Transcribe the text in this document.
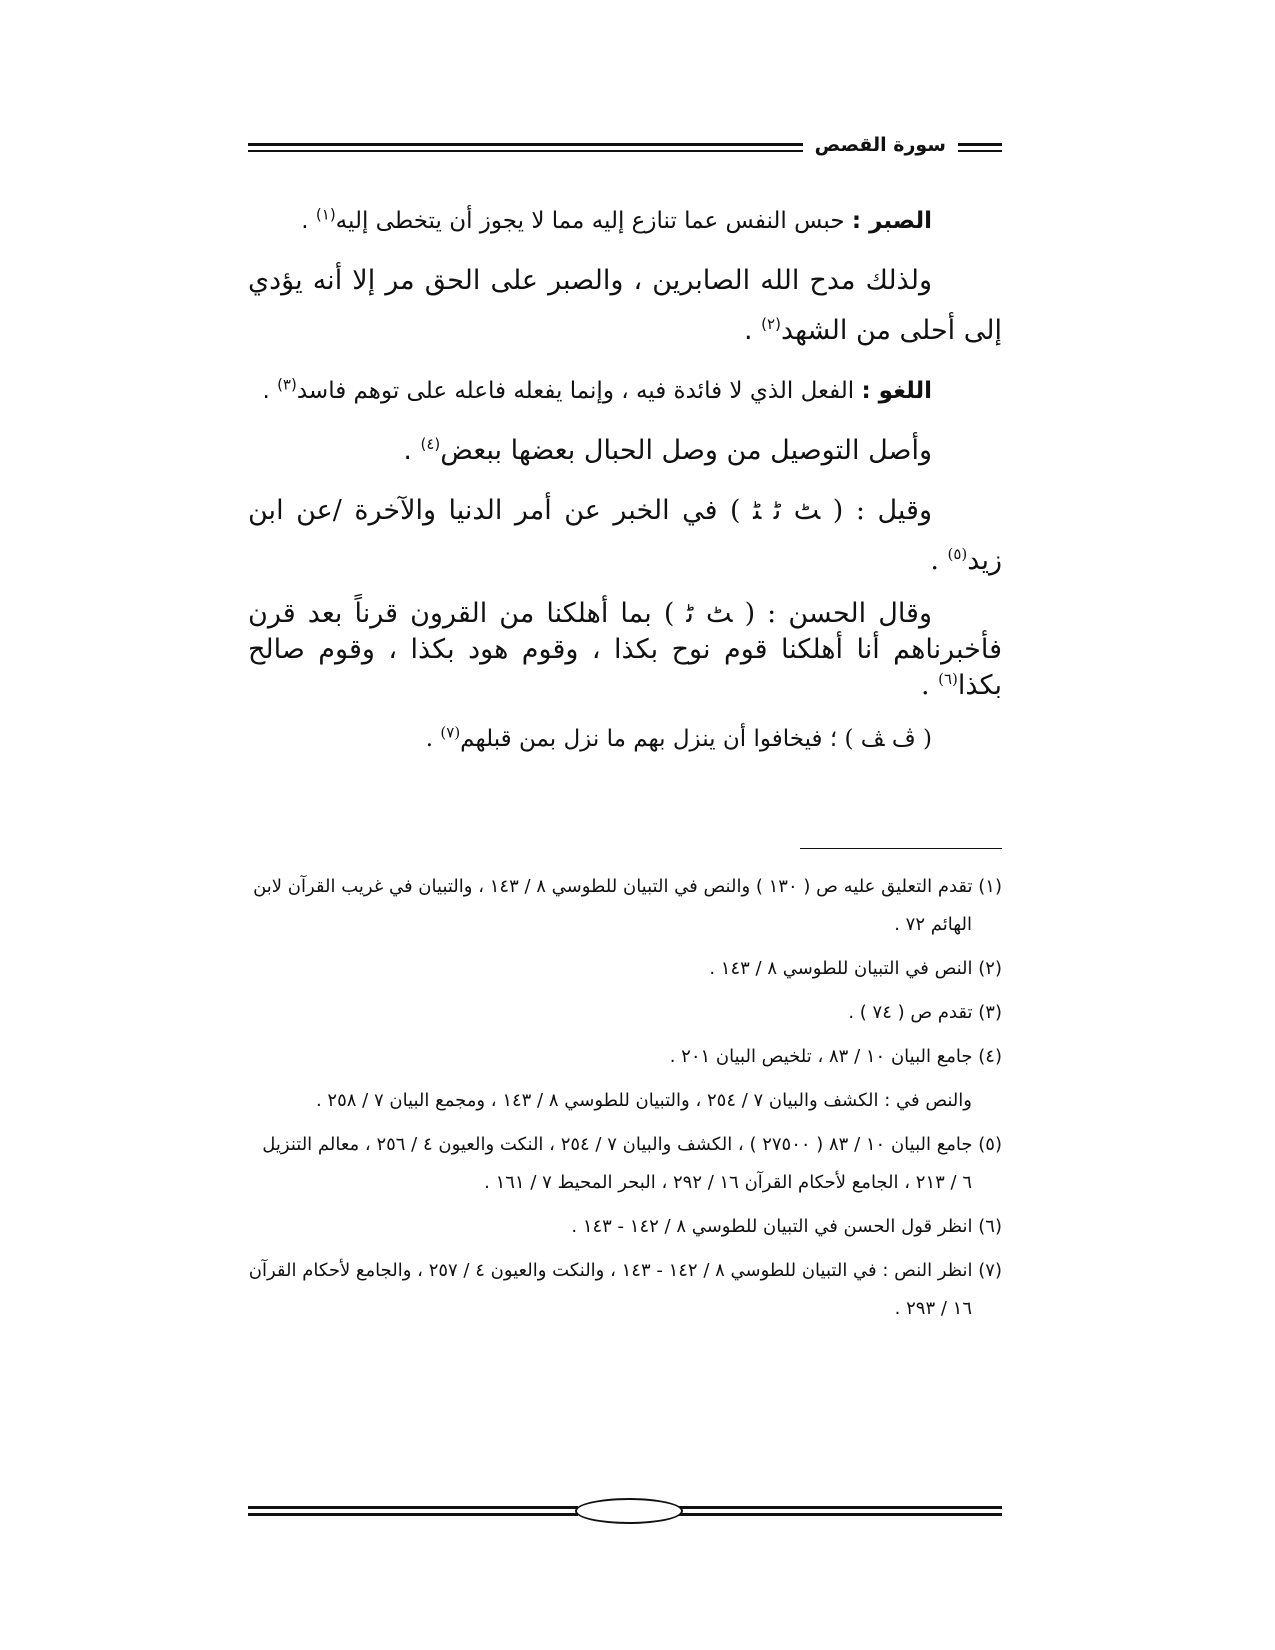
سورة القصص

الصبر : حبس النفس عما تنازع إليه مما لا يجوز أن يتخطى إليه$^{(١)}$ .

ولذلك مدح الله الصابرين ، والصبر على الحق مر إلا أنه يؤدي إلى أحلى من الشهد$^{(٢)}$ .

اللغو : الفعل الذي لا فائدة فيه ، وإنما يفعله فاعله على توهم فاسد$^{(٣)}$ .

وأصل التوصيل من وصل الحبال بعضها ببعض$^{(٤)}$ .

وقيل : ( ﭧ ﭨ ﭩ ) في الخبر عن أمر الدنيا والآخرة /عن ابن زيد$^{(٥)}$ .

وقال الحسن : ( ﭧ ﭨ ) بما أهلكنا من القرون قرناً بعد قرن فأخبرناهم أنا أهلكنا قوم نوح بكذا ، وقوم هود بكذا ، وقوم صالح بكذا$^{(٦)}$ .

( ﭪ ﭫ ) ؛ فيخافوا أن ينزل بهم ما نزل بمن قبلهم$^{(٧)}$ .

(١) تقدم التعليق عليه ص ( ١٣٠ ) والنص في التبيان للطوسي ٨ / ١٤٣ ، والتبيان في غريب القرآن لابن الهائم ٧٢ .

(٢) النص في التبيان للطوسي ٨ / ١٤٣ .

(٣) تقدم ص ( ٧٤ ) .

(٤) جامع البيان ١٠ / ٨٣ ، تلخيص البيان ٢٠١ .

والنص في : الكشف والبيان ٧ / ٢٥٤ ، والتبيان للطوسي ٨ / ١٤٣ ، ومجمع البيان ٧ / ٢٥٨ .

(٥) جامع البيان ١٠ / ٨٣ ( ٢٧٥٠٠ ) ، الكشف والبيان ٧ / ٢٥٤ ، النكت والعيون ٤ / ٢٥٦ ، معالم التنزيل ٦ / ٢١٣ ، الجامع لأحكام القرآن ١٦ / ٢٩٢ ، البحر المحيط ٧ / ١٦١ .

(٦) انظر قول الحسن في التبيان للطوسي ٨ / ١٤٢ - ١٤٣ .

(٧) انظر النص : في التبيان للطوسي ٨ / ١٤٢ - ١٤٣ ، والنكت والعيون ٤ / ٢٥٧ ، والجامع لأحكام القرآن ١٦ / ٢٩٣ .
